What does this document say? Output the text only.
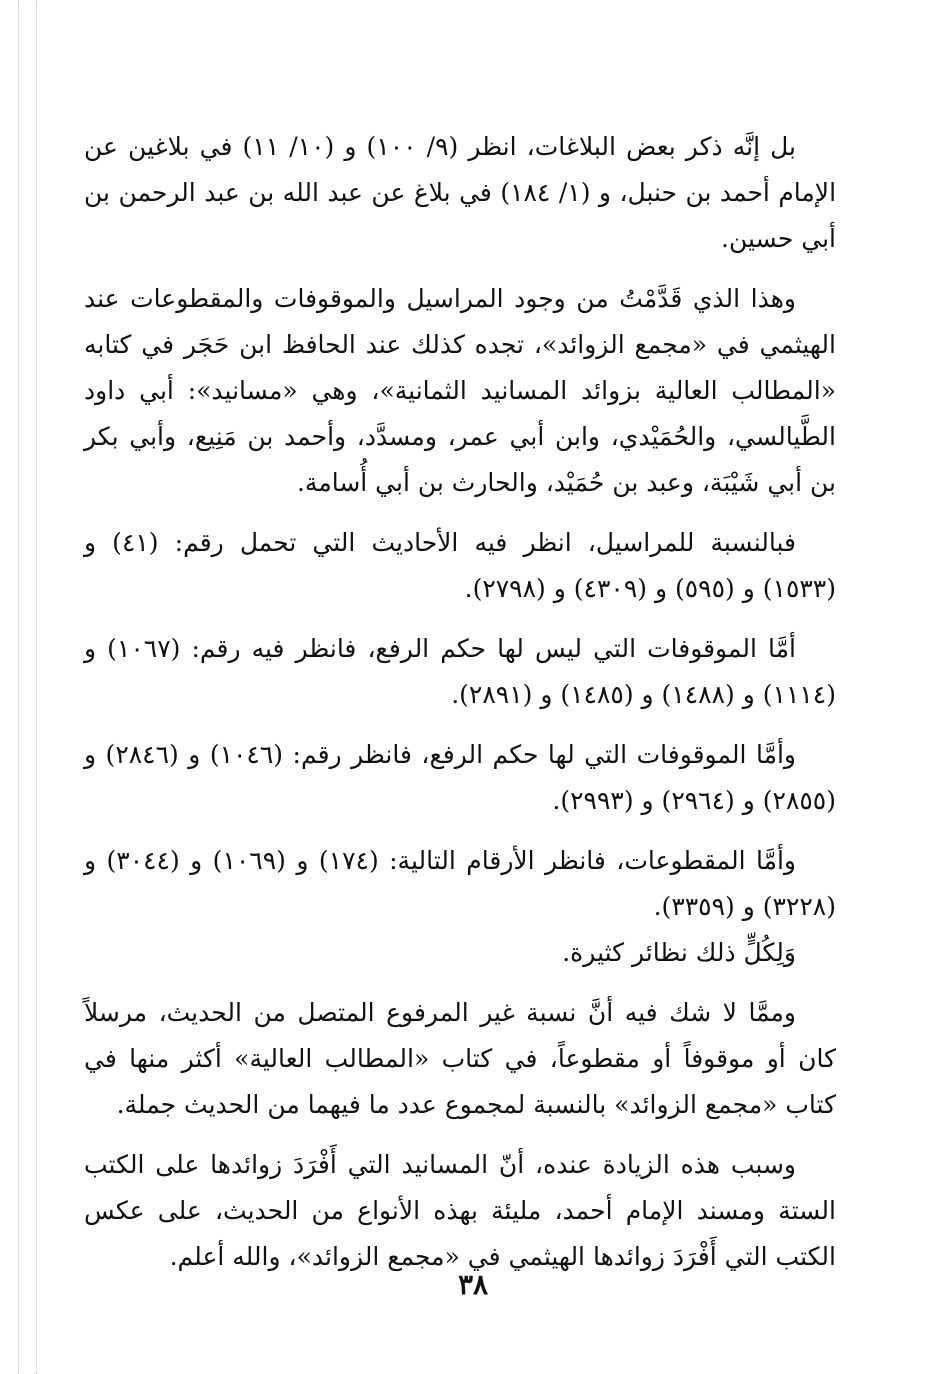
بل إنَّه ذكر بعض البلاغات، انظر (٩/ ١٠٠) و (١٠/ ١١) في بلاغين عن الإمام أحمد بن حنبل، و (١/ ١٨٤) في بلاغ عن عبد الله بن عبد الرحمن بن أبي حسين.

وهذا الذي قَدَّمْتُ من وجود المراسيل والموقوفات والمقطوعات عند الهيثمي في «مجمع الزوائد»، تجده كذلك عند الحافظ ابن حَجَر في كتابه «المطالب العالية بزوائد المسانيد الثمانية»، وهي «مسانيد»: أبي داود الطَّيالسي، والحُمَيْدي، وابن أبي عمر، ومسدَّد، وأحمد بن مَنِيع، وأبي بكر بن أبي شَيْبَة، وعبد بن حُمَيْد، والحارث بن أبي أُسامة.

فبالنسبة للمراسيل، انظر فيه الأحاديث التي تحمل رقم: (٤١) و (١٥٣٣) و (٥٩٥) و (٤٣٠٩) و (٢٧٩٨).

أمَّا الموقوفات التي ليس لها حكم الرفع، فانظر فيه رقم: (١٠٦٧) و (١١١٤) و (١٤٨٨) و (١٤٨٥) و (٢٨٩١).

وأمَّا الموقوفات التي لها حكم الرفع، فانظر رقم: (١٠٤٦) و (٢٨٤٦) و (٢٨٥٥) و (٢٩٦٤) و (٢٩٩٣).

وأمَّا المقطوعات، فانظر الأرقام التالية: (١٧٤) و (١٠٦٩) و (٣٠٤٤) و (٣٢٢٨) و (٣٣٥٩).

وَلِكُلٍّ ذلك نظائر كثيرة.

وممَّا لا شك فيه أنَّ نسبة غير المرفوع المتصل من الحديث، مرسلاً كان أو موقوفاً أو مقطوعاً، في كتاب «المطالب العالية» أكثر منها في كتاب «مجمع الزوائد» بالنسبة لمجموع عدد ما فيهما من الحديث جملة.

وسبب هذه الزيادة عنده، أنّ المسانيد التي أَفْرَدَ زوائدها على الكتب الستة ومسند الإمام أحمد، مليئة بهذه الأنواع من الحديث، على عكس الكتب التي أَفْرَدَ زوائدها الهيثمي في «مجمع الزوائد»، والله أعلم.

٣٨
